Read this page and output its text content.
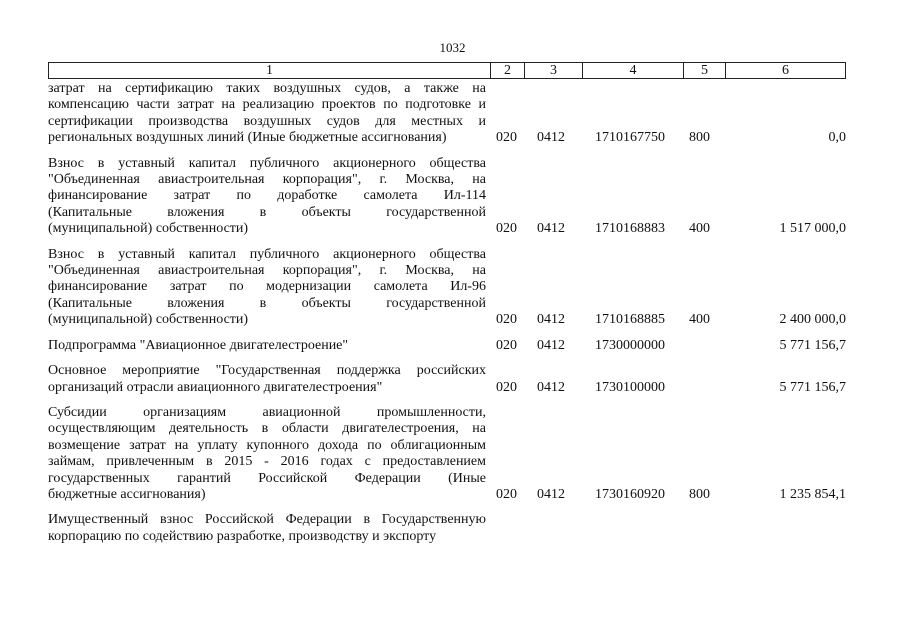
1032
1	2	3	4	5	6
затрат на сертификацию таких воздушных судов, а также на
компенсацию части затрат на реализацию проектов по подготовке и
сертификации производства воздушных судов для местных и
региональных воздушных линий (Иные бюджетные ассигнования)	020 0412 1710167750 800	0,0
Взнос в уставный капитал публичного акционерного общества
"Объединенная авиастроительная корпорация", г. Москва, на
финансирование затрат по доработке самолета Ил-114
(Капитальные вложения в объекты государственной
(муниципальной) собственности)	020 0412 1710168883 400	1 517 000,0
Взнос в уставный капитал публичного акционерного общества
"Объединенная авиастроительная корпорация", г. Москва, на
финансирование затрат по модернизации самолета Ил-96
(Капитальные вложения в объекты государственной
(муниципальной) собственности)	020 0412 1710168885 400	2 400 000,0
Подпрограмма "Авиационное двигателестроение"	020 0412 1730000000	5 771 156,7
Основное мероприятие "Государственная поддержка российских
организаций отрасли авиационного двигателестроения"	020 0412 1730100000	5 771 156,7
Субсидии организациям авиационной промышленности,
осуществляющим деятельность в области двигателестроения, на
возмещение затрат на уплату купонного дохода по облигационным
займам, привлеченным в 2015 - 2016 годах с предоставлением
государственных гарантий Российской Федерации (Иные
бюджетные ассигнования)	020 0412 1730160920 800	1 235 854,1
Имущественный взнос Российской Федерации в Государственную
корпорацию по содействию разработке, производству и экспорту
